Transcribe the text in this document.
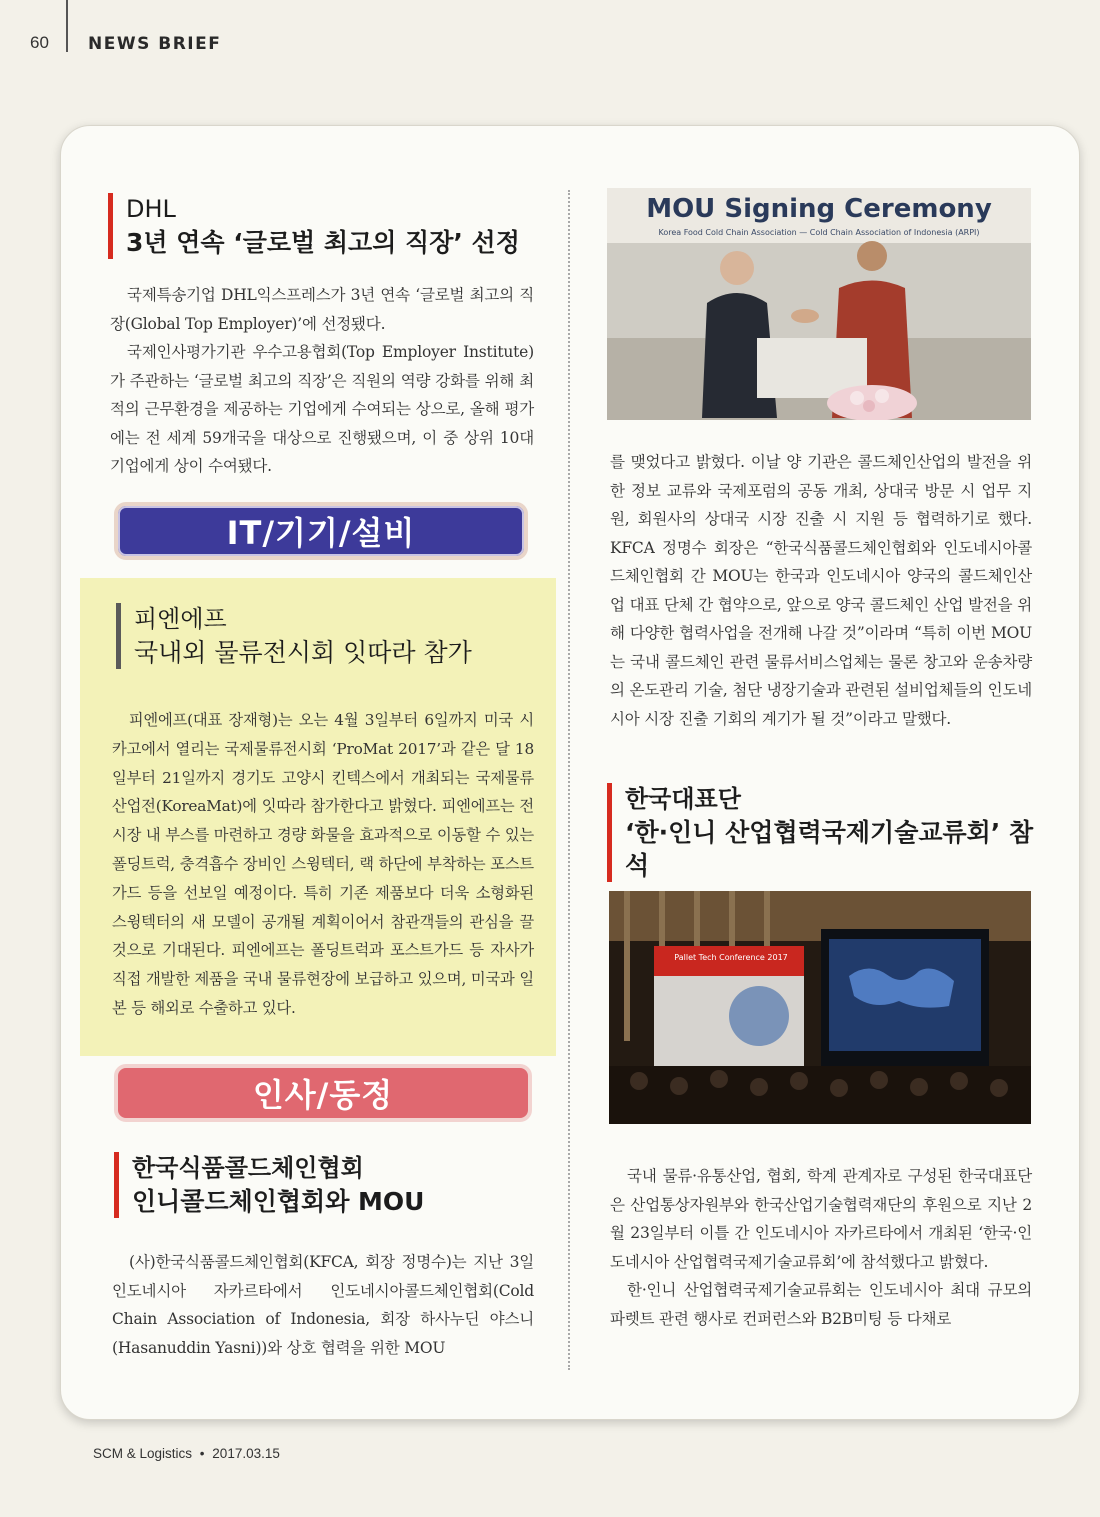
60 NEWS BRIEF
DHL
3년 연속 ‘글로벌 최고의 직장’ 선정

국제특송기업 DHL익스프레스가 3년 연속 ‘글로벌 최고의 직장(Global Top Employer)’에 선정됐다.

국제인사평가기관 우수고용협회(Top Employer Institute)가 주관하는 ‘글로벌 최고의 직장’은 직원의 역량 강화를 위해 최적의 근무환경을 제공하는 기업에게 수여되는 상으로, 올해 평가에는 전 세계 59개국을 대상으로 진행됐으며, 이 중 상위 10대 기업에게 상이 수여됐다.

IT/기기/설비
피엔에프
국내외 물류전시회 잇따라 참가

피엔에프(대표 장재형)는 오는 4월 3일부터 6일까지 미국 시카고에서 열리는 국제물류전시회 ‘ProMat 2017’과 같은 달 18일부터 21일까지 경기도 고양시 킨텍스에서 개최되는 국제물류산업전(KoreaMat)에 잇따라 참가한다고 밝혔다. 피엔에프는 전시장 내 부스를 마련하고 경량 화물을 효과적으로 이동할 수 있는 폴딩트럭, 충격흡수 장비인 스윙텍터, 랙 하단에 부착하는 포스트가드 등을 선보일 예정이다. 특히 기존 제품보다 더욱 소형화된 스윙텍터의 새 모델이 공개될 계획이어서 참관객들의 관심을 끌 것으로 기대된다. 피엔에프는 폴딩트럭과 포스트가드 등 자사가 직접 개발한 제품을 국내 물류현장에 보급하고 있으며, 미국과 일본 등 해외로 수출하고 있다.

인사/동정
한국식품콜드체인협회
인니콜드체인협회와 MOU

(사)한국식품콜드체인협회(KFCA, 회장 정명수)는 지난 3일 인도네시아 자카르타에서 인도네시아콜드체인협회(Cold Chain Association of Indonesia, 회장 하사누딘 야스니(Hasanuddin Yasni))와 상호 협력을 위한 MOU

MOU Signing Ceremony
Korea Food Cold Chain Association — Cold Chain Association of Indonesia (ARPI)

를 맺었다고 밝혔다. 이날 양 기관은 콜드체인산업의 발전을 위한 정보 교류와 국제포럼의 공동 개최, 상대국 방문 시 업무 지원, 회원사의 상대국 시장 진출 시 지원 등 협력하기로 했다. KFCA 정명수 회장은 “한국식품콜드체인협회와 인도네시아콜드체인협회 간 MOU는 한국과 인도네시아 양국의 콜드체인산업 대표 단체 간 협약으로, 앞으로 양국 콜드체인 산업 발전을 위해 다양한 협력사업을 전개해 나갈 것”이라며 “특히 이번 MOU는 국내 콜드체인 관련 물류서비스업체는 물론 창고와 운송차량의 온도관리 기술, 첨단 냉장기술과 관련된 설비업체들의 인도네시아 시장 진출 기회의 계기가 될 것”이라고 말했다.

한국대표단
‘한·인니 산업협력국제기술교류회’ 참석
Pallet Tech Conference 2017

국내 물류·유통산업, 협회, 학계 관계자로 구성된 한국대표단은 산업통상자원부와 한국산업기술협력재단의 후원으로 지난 2월 23일부터 이틀 간 인도네시아 자카르타에서 개최된 ‘한국·인도네시아 산업협력국제기술교류회’에 참석했다고 밝혔다.

한·인니 산업협력국제기술교류회는 인도네시아 최대 규모의 파렛트 관련 행사로 컨퍼런스와 B2B미팅 등 다채로

SCM & Logistics • 2017.03.15
